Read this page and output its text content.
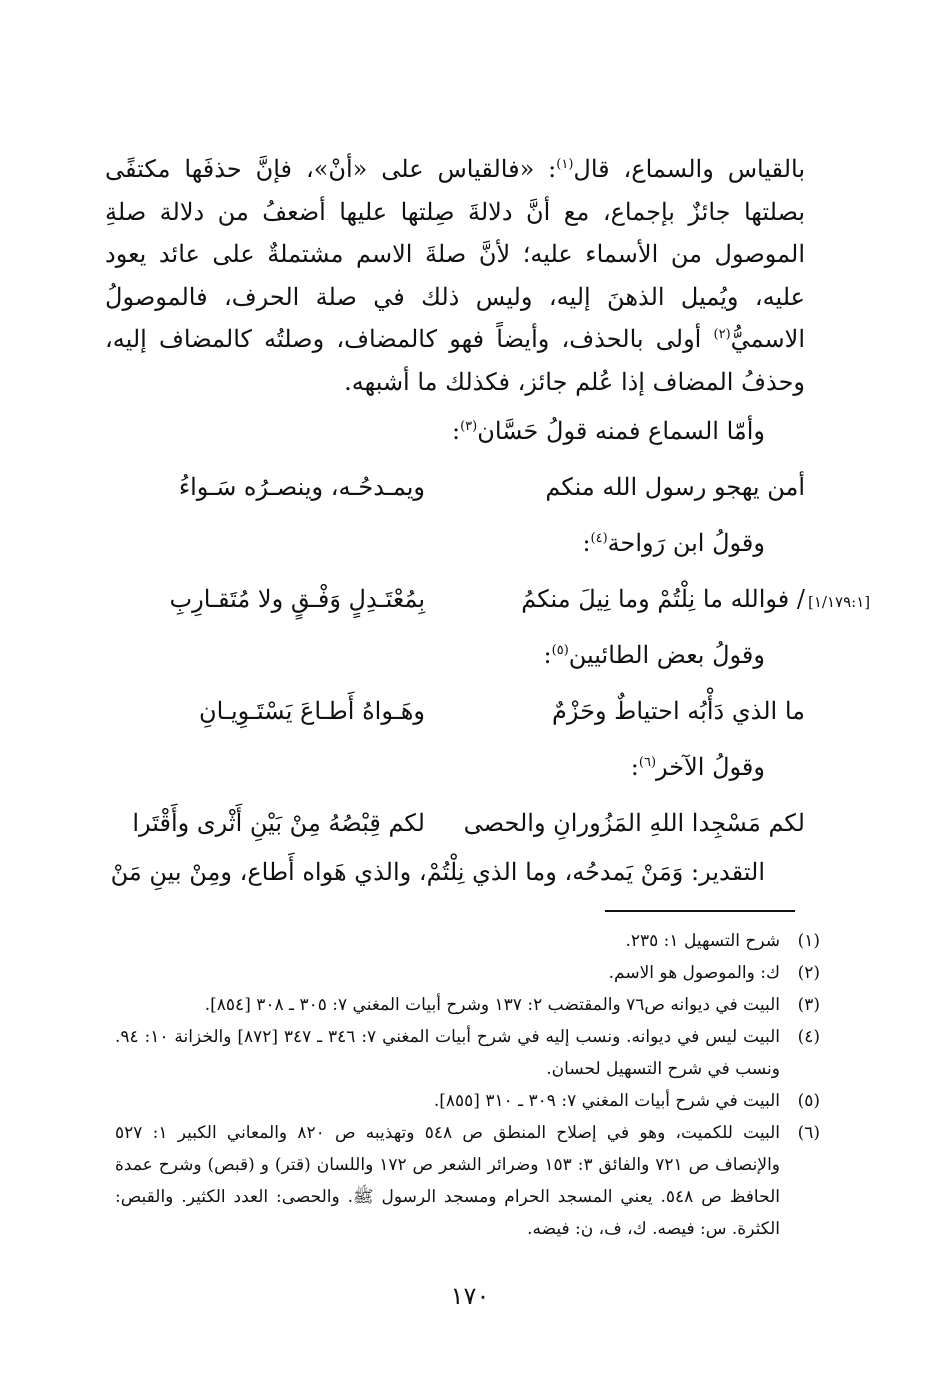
بالقياس والسماع، قال$^{(١)}$: «فالقياس على «أنْ»، فإنَّ حذفَها مكتفًى بصلتها جائزٌ بإجماع، مع أنَّ دلالةَ صِلتها عليها أضعفُ من دلالة صلةِ الموصول من الأسماء عليه؛ لأنَّ صلةَ الاسم مشتملةٌ على عائد يعود عليه، ويُميل الذهنَ إليه، وليس ذلك في صلة الحرف، فالموصولُ الاسميُّ$^{(٢)}$ أولى بالحذف، وأيضاً فهو كالمضاف، وصلتُه كالمضاف إليه، وحذفُ المضاف إذا عُلم جائز، فكذلك ما أشبهه.

وأمّا السماع فمنه قولُ حَسَّان$^{(٣)}$:
أمن يهجو رسول الله منكم
ويمـدحُـه، وينصـرُه سَـواءُ
وقولُ ابن رَواحة$^{(٤)}$:
/ فوالله ما نِلْتُمْ وما نِيلَ منكمُ
بِمُعْتَـدِلٍ وَفْـقٍ ولا مُتَقـارِبِ
وقولُ بعض الطائيين$^{(٥)}$:
ما الذي دَأْبُه احتياطٌ وحَزْمٌ
وهَـواهُ أَطـاعَ يَسْتَـوِيـانِ
وقولُ الآخر$^{(٦)}$:
لكم مَسْجِدا اللهِ المَزُورانِ والحصى
لكم قِبْصُهُ مِنْ بَيْنِ أَثْرى وأَقْتَرا

التقدير: وَمَنْ يَمدحُه، وما الذي نِلْتُمْ، والذي هَواه أَطاع، ومِنْ بينِ مَنْ

[١/١٧٩:١]
(١)
شرح التسهيل ١: ٢٣٥.
(٢)
ك: والموصول هو الاسم.
(٣)
البيت في ديوانه ص٧٦ والمقتضب ٢: ١٣٧ وشرح أبيات المغني ٧: ٣٠٥ ـ ٣٠٨ [٨٥٤].
(٤)
البيت ليس في ديوانه. ونسب إليه في شرح أبيات المغني ٧: ٣٤٦ ـ ٣٤٧ [٨٧٢] والخزانة ١٠: ٩٤. ونسب في شرح التسهيل لحسان.
(٥)
البيت في شرح أبيات المغني ٧: ٣٠٩ ـ ٣١٠ [٨٥٥].
(٦)
البيت للكميت، وهو في إصلاح المنطق ص ٥٤٨ وتهذيبه ص ٨٢٠ والمعاني الكبير ١: ٥٢٧ والإنصاف ص ٧٢١ والفائق ٣: ١٥٣ وضرائر الشعر ص ١٧٢ واللسان (قتر) و (قبص) وشرح عمدة الحافظ ص ٥٤٨. يعني المسجد الحرام ومسجد الرسول ﷺ. والحصى: العدد الكثير. والقبص: الكثرة. س: فيصه. ك، ف، ن: فيضه.
١٧٠
